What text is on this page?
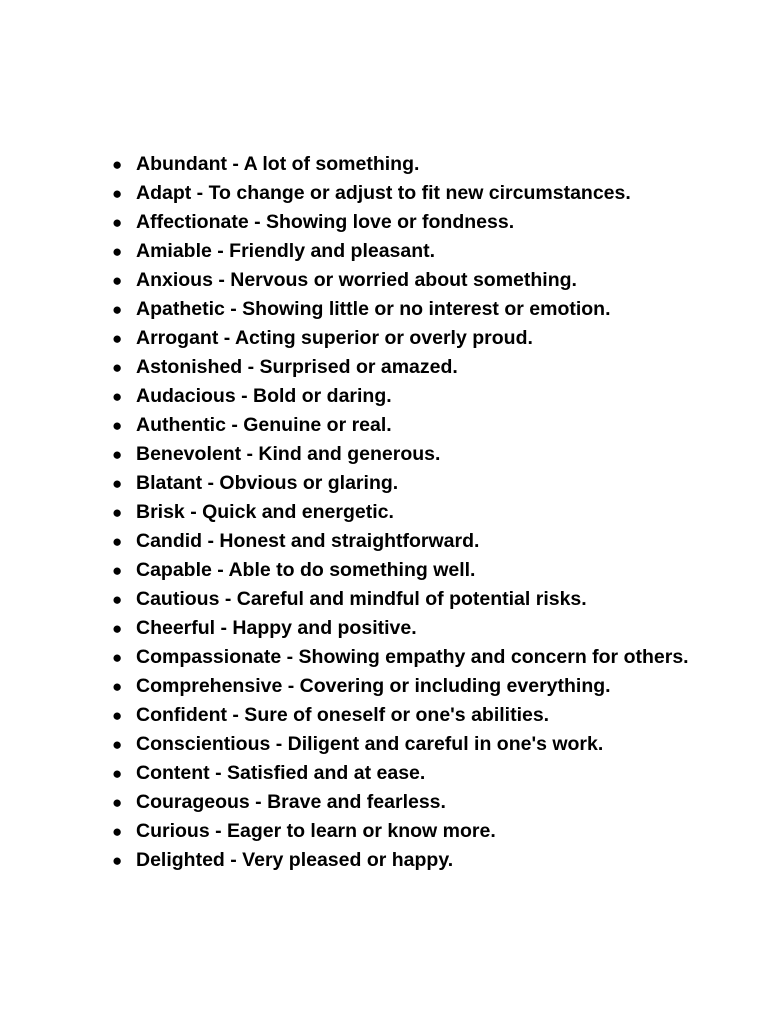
● Abundant - A lot of something.
● Adapt - To change or adjust to fit new circumstances.
● Affectionate - Showing love or fondness.
● Amiable - Friendly and pleasant.
● Anxious - Nervous or worried about something.
● Apathetic - Showing little or no interest or emotion.
● Arrogant - Acting superior or overly proud.
● Astonished - Surprised or amazed.
● Audacious - Bold or daring.
● Authentic - Genuine or real.
● Benevolent - Kind and generous.
● Blatant - Obvious or glaring.
● Brisk - Quick and energetic.
● Candid - Honest and straightforward.
● Capable - Able to do something well.
● Cautious - Careful and mindful of potential risks.
● Cheerful - Happy and positive.
● Compassionate - Showing empathy and concern for others.
● Comprehensive - Covering or including everything.
● Confident - Sure of oneself or one's abilities.
● Conscientious - Diligent and careful in one's work.
● Content - Satisfied and at ease.
● Courageous - Brave and fearless.
● Curious - Eager to learn or know more.
● Delighted - Very pleased or happy.
